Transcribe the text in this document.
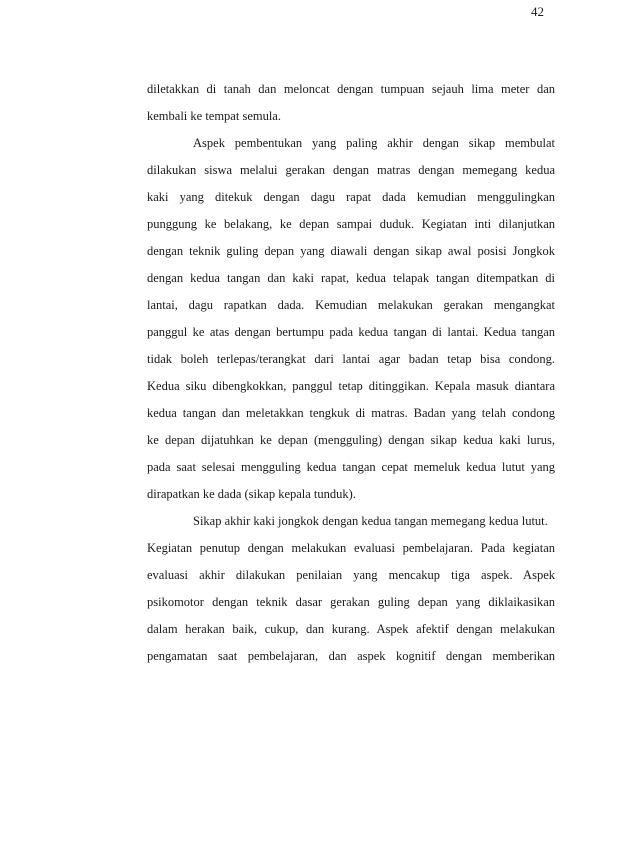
42
diletakkan di tanah dan meloncat dengan tumpuan sejauh lima meter dan
kembali ke tempat semula.
Aspek pembentukan yang paling akhir dengan sikap membulat
dilakukan siswa melalui gerakan dengan matras dengan memegang kedua
kaki yang ditekuk dengan dagu rapat dada kemudian menggulingkan
punggung ke belakang, ke depan sampai duduk. Kegiatan inti dilanjutkan
dengan teknik guling depan yang diawali dengan sikap awal posisi Jongkok
dengan kedua tangan dan kaki rapat, kedua telapak tangan ditempatkan di
lantai, dagu rapatkan dada. Kemudian melakukan gerakan mengangkat
panggul ke atas dengan bertumpu pada kedua tangan di lantai. Kedua tangan
tidak boleh terlepas/terangkat dari lantai agar badan tetap bisa condong.
Kedua siku dibengkokkan, panggul tetap ditinggikan. Kepala masuk diantara
kedua tangan dan meletakkan tengkuk di matras. Badan yang telah condong
ke depan dijatuhkan ke depan (mengguling) dengan sikap kedua kaki lurus,
pada saat selesai mengguling kedua tangan cepat memeluk kedua lutut yang
dirapatkan ke dada (sikap kepala tunduk).
Sikap akhir kaki jongkok dengan kedua tangan memegang kedua lutut.
Kegiatan penutup dengan melakukan evaluasi pembelajaran. Pada kegiatan
evaluasi akhir dilakukan penilaian yang mencakup tiga aspek. Aspek
psikomotor dengan teknik dasar gerakan guling depan yang diklaikasikan
dalam herakan baik, cukup, dan kurang. Aspek afektif dengan melakukan
pengamatan saat pembelajaran, dan aspek kognitif dengan memberikan
